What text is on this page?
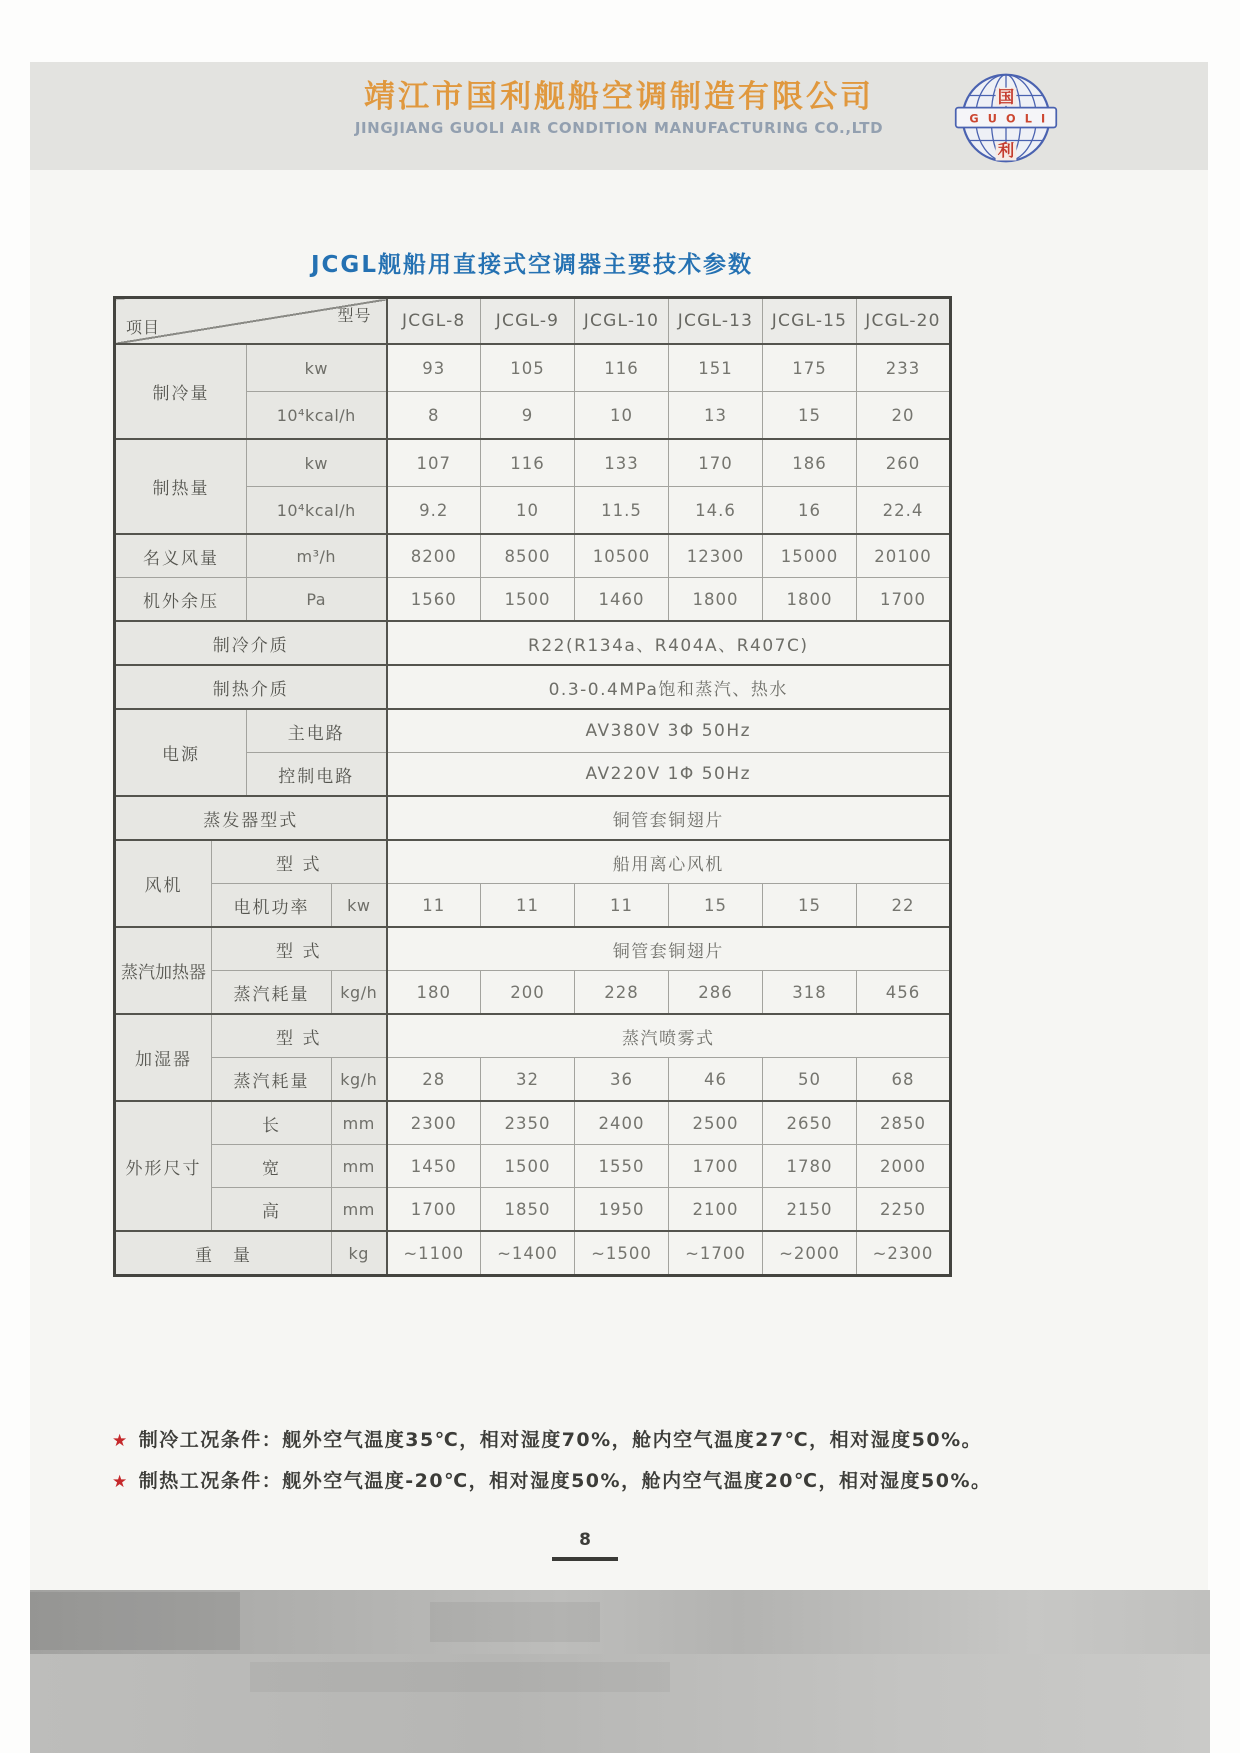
靖江市国利舰船空调制造有限公司
JINGJIANG GUOLI AIR CONDITION MANUFACTURING CO.,LTD
G U O L I
国
利
JCGL舰船用直接式空调器主要技术参数
型号
项目				JCGL-8	JCGL-9	JCGL-10	JCGL-13	JCGL-15	JCGL-20
制冷量		kw		93	105	116	151	175	233
		10⁴kcal/h		8	9	10	13	15	20
制热量		kw		107	116	133	170	186	260
		10⁴kcal/h		9.2	10	11.5	14.6	16	22.4
名义风量		m³/h		8200	8500	10500	12300	15000	20100
机外余压		Pa		1560	1500	1460	1800	1800	1700
制冷介质				R22(R134a、R404A、R407C)					
制热介质				0.3-0.4MPa饱和蒸汽、热水					
电源		主电路		AV380V 3Φ 50Hz					
		控制电路		AV220V 1Φ 50Hz					
蒸发器型式				铜管套铜翅片					
风机	型 式			船用离心风机					
	电机功率		kw	11	11	11	15	15	22
蒸汽加热器	型 式			铜管套铜翅片					
	蒸汽耗量		kg/h	180	200	228	286	318	456
加湿器	型 式			蒸汽喷雾式					
	蒸汽耗量		kg/h	28	32	36	46	50	68
外形尺寸	长		mm	2300	2350	2400	2500	2650	2850
	宽		mm	1450	1500	1550	1700	1780	2000
	高		mm	1700	1850	1950	2100	2150	2250
重　量			kg	~1100	~1400	~1500	~1700	~2000	~2300
★ 制冷工况条件：舰外空气温度35℃，相对湿度70%，舱内空气温度27℃，相对湿度50%。
★ 制热工况条件：舰外空气温度-20℃，相对湿度50%，舱内空气温度20℃，相对湿度50%。
8
